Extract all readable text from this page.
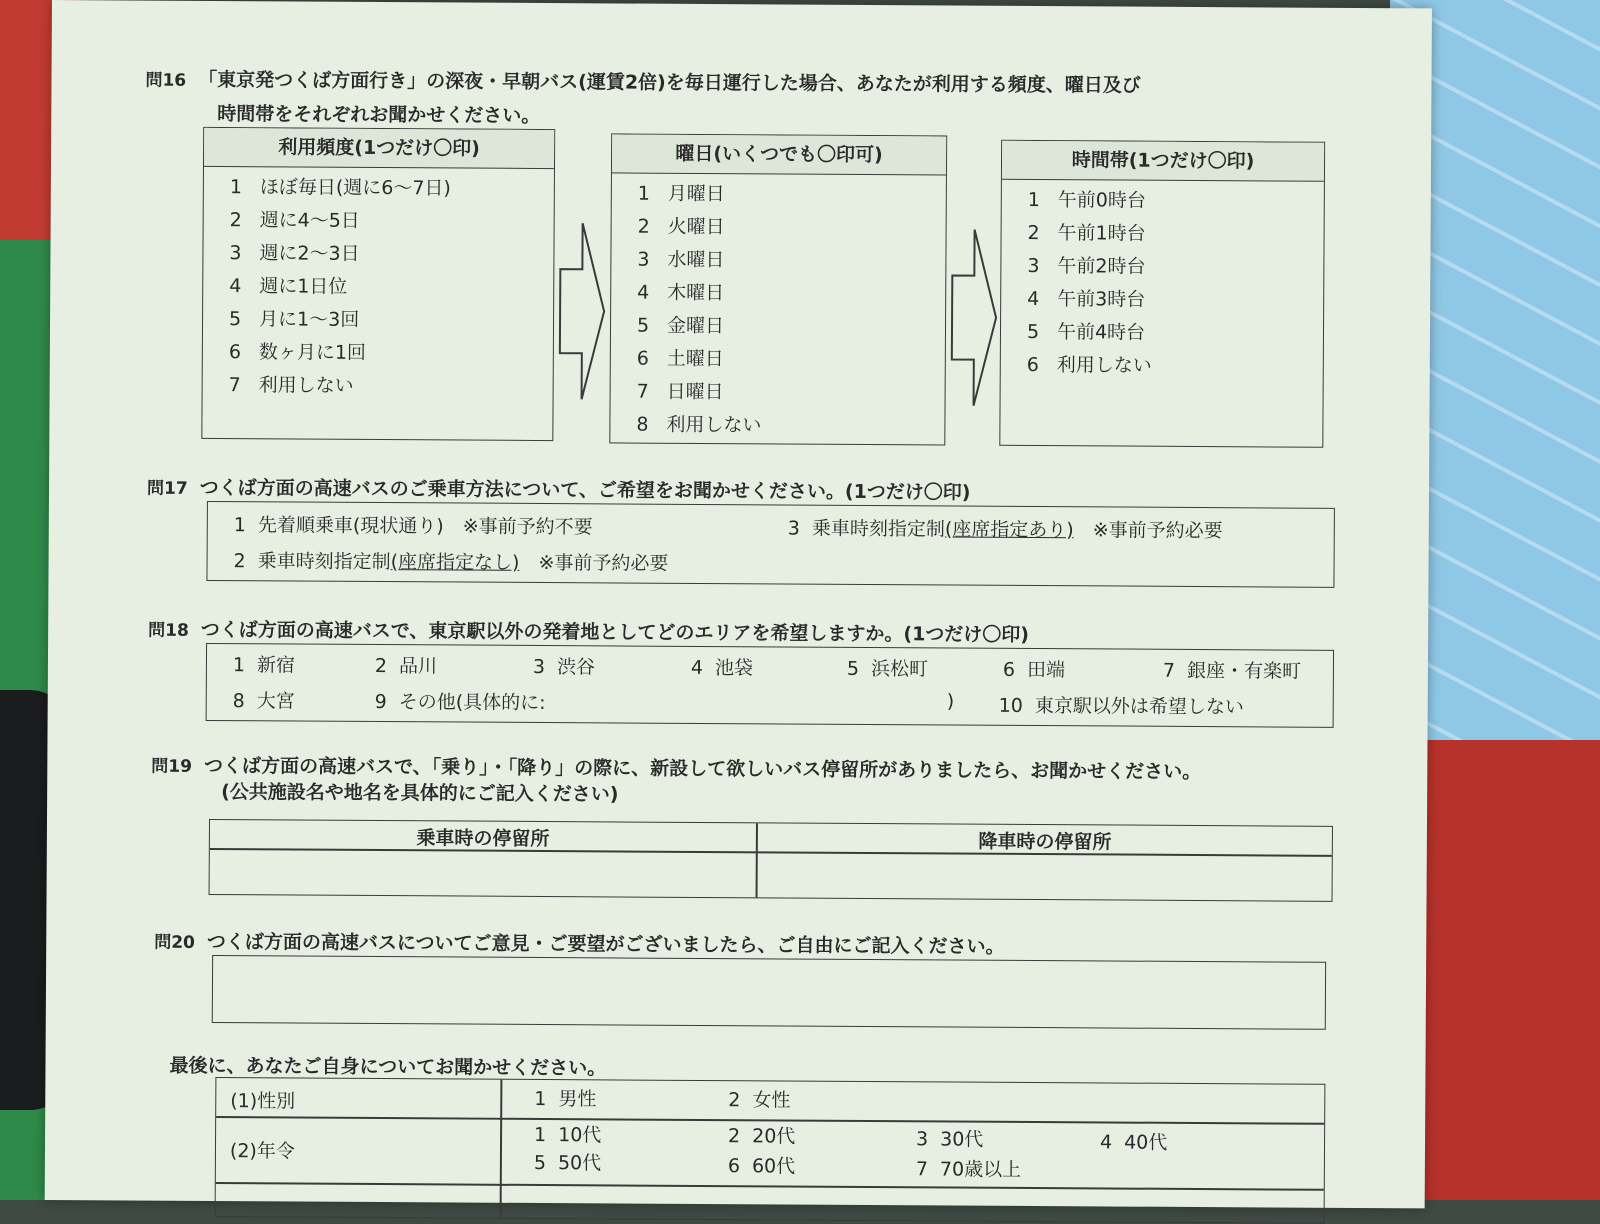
問16 「東京発つくば方面行き」の深夜・早朝バス(運賃2倍)を毎日運行した場合、あなたが利用する頻度、曜日及び
時間帯をそれぞれお聞かせください。
利用頻度(1つだけ〇印)
1 ほぼ毎日(週に6～7日)
2 週に4～5日
3 週に2～3日
4 週に1日位
5 月に1～3回
6 数ヶ月に1回
7 利用しない
曜日(いくつでも〇印可)
1 月曜日
2 火曜日
3 水曜日
4 木曜日
5 金曜日
6 土曜日
7 日曜日
8 利用しない
時間帯(1つだけ〇印)
1 午前0時台
2 午前1時台
3 午前2時台
4 午前3時台
5 午前4時台
6 利用しない
問17 つくば方面の高速バスのご乗車方法について、ご希望をお聞かせください。(1つだけ〇印)
1 先着順乗車(現状通り)　 ※事前予約不要
2 乗車時刻指定制(座席指定なし)　 ※事前予約必要
3 乗車時刻指定制(座席指定あり)　 ※事前予約必要
問18 つくば方面の高速バスで、東京駅以外の発着地としてどのエリアを希望しますか。(1つだけ〇印)
1 新宿	2 品川	3 渋谷	4 池袋	5 浜松町	6 田端	7 銀座・有楽町
8 大宮	9 その他(具体的に:	) 10 東京駅以外は希望しない
問19 つくば方面の高速バスで、「乗り」・「降り」の際に、新設して欲しいバス停留所がありましたら、お聞かせください。
(公共施設名や地名を具体的にご記入ください)
乗車時の停留所	降車時の停留所
問20 つくば方面の高速バスについてご意見・ご要望がございましたら、ご自由にご記入ください。
最後に、あなたご自身についてお聞かせください。
(1)性別	1 男性	2 女性
(2)年令
1 10代	2 20代	3 30代	4 40代
5 50代	6 60代	7 70歳以上
